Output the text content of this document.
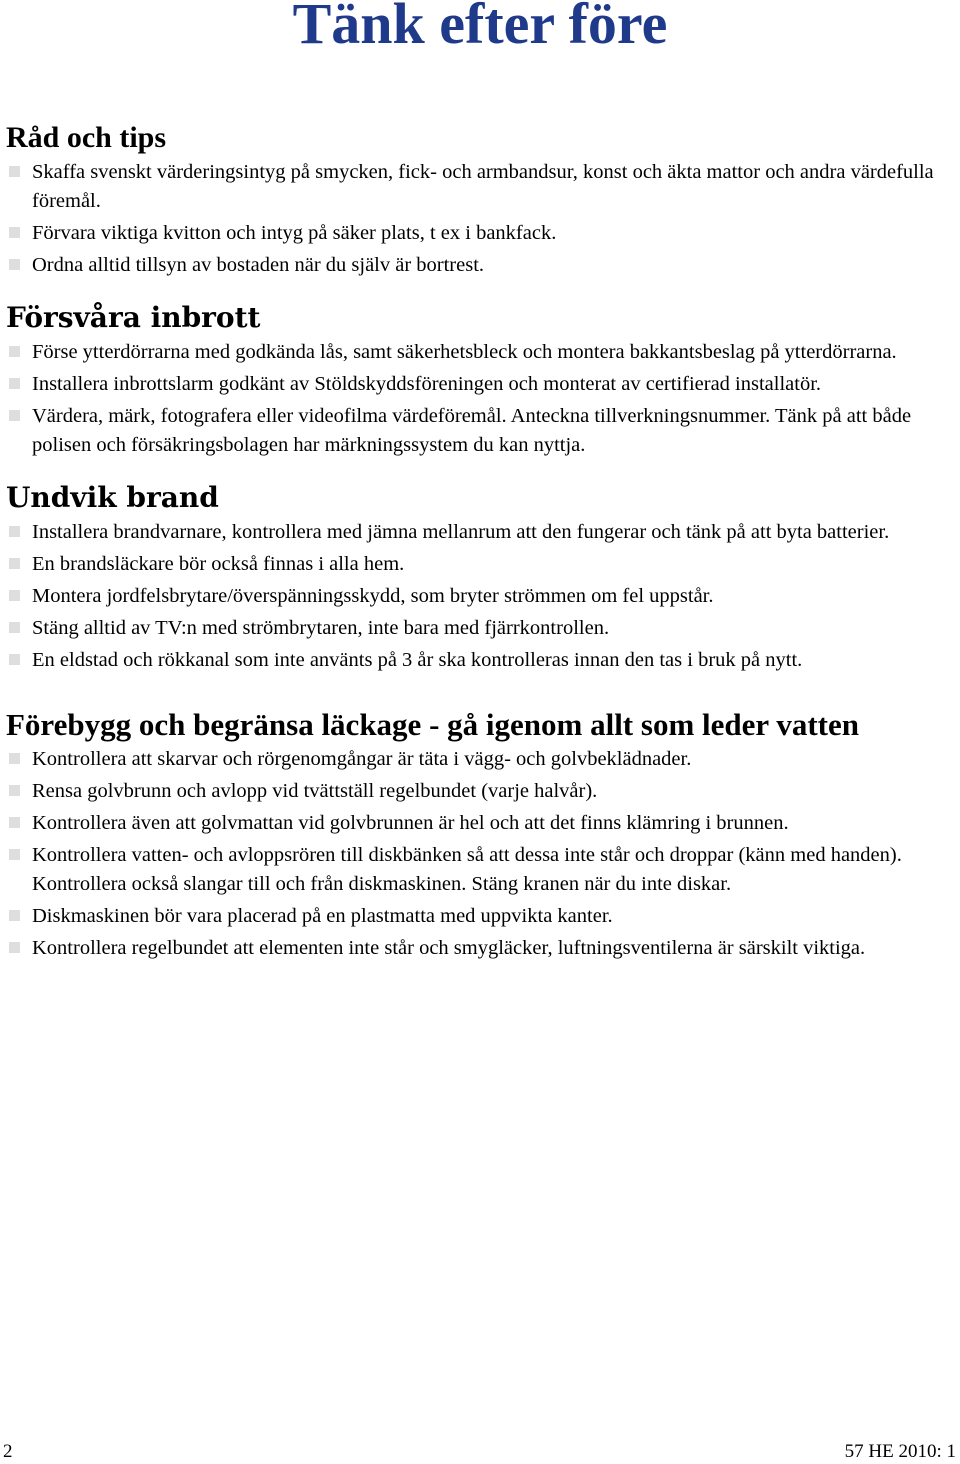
Tänk efter före
Råd och tips
Skaffa svenskt värderingsintyg på smycken, fick- och armbandsur, konst och äkta mattor och andra värdefulla föremål.
Förvara viktiga kvitton och intyg på säker plats, t ex i bankfack.
Ordna alltid tillsyn av bostaden när du själv är bortrest.
Försvåra inbrott
Förse ytterdörrarna med godkända lås, samt säkerhetsbleck och montera bakkantsbeslag på ytterdörrarna.
Installera inbrottslarm godkänt av Stöldskyddsföreningen och monterat av certifierad installatör.
Värdera, märk, fotografera eller videofilma värdeföremål. Anteckna tillverkningsnummer. Tänk på att både polisen och försäkringsbolagen har märkningssystem du kan nyttja.
Undvik brand
Installera brandvarnare, kontrollera med jämna mellanrum att den fungerar och tänk på att byta batterier.
En brandsläckare bör också finnas i alla hem.
Montera jordfelsbrytare/överspänningsskydd, som bryter strömmen om fel uppstår.
Stäng alltid av TV:n med strömbrytaren, inte bara med fjärrkontrollen.
En eldstad och rökkanal som inte använts på 3 år ska kontrolleras innan den tas i bruk på nytt.
Förebygg och begränsa läckage - gå igenom allt som leder vatten
Kontrollera att skarvar och rörgenomgångar är täta i vägg- och golvbeklädnader.
Rensa golvbrunn och avlopp vid tvättställ regelbundet (varje halvår).
Kontrollera även att golvmattan vid golvbrunnen är hel och att det finns klämring i brunnen.
Kontrollera vatten- och avloppsrören till diskbänken så att dessa inte står och droppar (känn med handen). Kontrollera också slangar till och från diskmaskinen. Stäng kranen när du inte diskar.
Diskmaskinen bör vara placerad på en plastmatta med uppvikta kanter.
Kontrollera regelbundet att elementen inte står och smygläcker, luftningsventilerna är särskilt viktiga.
2	57 HE 2010: 1
